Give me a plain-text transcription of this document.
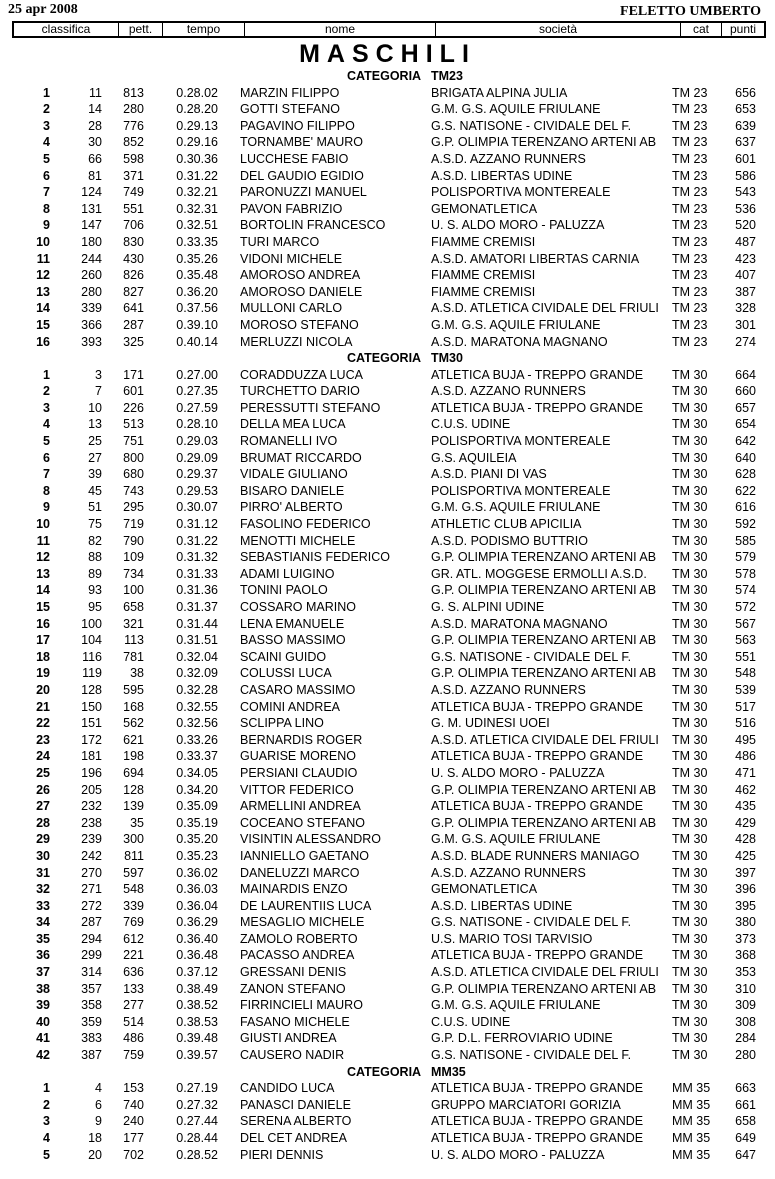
25 apr 2008	FELETTO UMBERTO
classifica	pett.	tempo	nome	società	cat	punti
MASCHILI
CATEGORIA TM23
1	11	813	0.28.02 MARZIN FILIPPO	BRIGATA ALPINA JULIA	TM 23	656
2	14	280	0.28.20 GOTTI STEFANO	G.M. G.S. AQUILE FRIULANE	TM 23	653
3	28	776	0.29.13 PAGAVINO FILIPPO	G.S. NATISONE - CIVIDALE DEL F.	TM 23	639
4	30	852	0.29.16 TORNAMBE' MAURO	G.P. OLIMPIA TERENZANO ARTENI AB TM 23	637
5	66	598	0.30.36 LUCCHESE FABIO	A.S.D. AZZANO RUNNERS	TM 23	601
6	81	371	0.31.22 DEL GAUDIO EGIDIO	A.S.D. LIBERTAS UDINE	TM 23	586
7	124	749	0.32.21 PARONUZZI MANUEL	POLISPORTIVA MONTEREALE	TM 23	543
8	131	551	0.32.31 PAVON FABRIZIO	GEMONATLETICA	TM 23	536
9	147	706	0.32.51 BORTOLIN FRANCESCO	U. S. ALDO MORO - PALUZZA	TM 23	520
10	180	830	0.33.35 TURI MARCO	FIAMME CREMISI	TM 23	487
11	244	430	0.35.26 VIDONI MICHELE	A.S.D. AMATORI LIBERTAS CARNIA	TM 23	423
12	260	826	0.35.48 AMOROSO ANDREA	FIAMME CREMISI	TM 23	407
13	280	827	0.36.20 AMOROSO DANIELE	FIAMME CREMISI	TM 23	387
14	339	641	0.37.56 MULLONI CARLO	A.S.D. ATLETICA CIVIDALE DEL FRIULI TM 23	328
15	366	287	0.39.10 MOROSO STEFANO	G.M. G.S. AQUILE FRIULANE	TM 23	301
16	393	325	0.40.14 MERLUZZI NICOLA	A.S.D. MARATONA MAGNANO	TM 23	274
CATEGORIA TM30
1	3	171	0.27.00 CORADDUZZA LUCA	ATLETICA BUJA - TREPPO GRANDE TM 30	664
2	7	601	0.27.35 TURCHETTO DARIO	A.S.D. AZZANO RUNNERS	TM 30	660
3	10	226	0.27.59 PERESSUTTI STEFANO	ATLETICA BUJA - TREPPO GRANDE TM 30	657
4	13	513	0.28.10 DELLA MEA LUCA	C.U.S. UDINE	TM 30	654
5	25	751	0.29.03 ROMANELLI IVO	POLISPORTIVA MONTEREALE	TM 30	642
6	27	800	0.29.09 BRUMAT RICCARDO	G.S. AQUILEIA	TM 30	640
7	39	680	0.29.37 VIDALE GIULIANO	A.S.D. PIANI DI VAS	TM 30	628
8	45	743	0.29.53 BISARO DANIELE	POLISPORTIVA MONTEREALE	TM 30	622
9	51	295	0.30.07 PIRRO' ALBERTO	G.M. G.S. AQUILE FRIULANE	TM 30	616
10	75	719	0.31.12 FASOLINO FEDERICO	ATHLETIC CLUB APICILIA	TM 30	592
11	82	790	0.31.22 MENOTTI MICHELE	A.S.D. PODISMO BUTTRIO	TM 30	585
12	88	109	0.31.32 SEBASTIANIS FEDERICO	G.P. OLIMPIA TERENZANO ARTENI AB TM 30	579
13	89	734	0.31.33 ADAMI LUIGINO	GR. ATL. MOGGESE ERMOLLI A.S.D. TM 30	578
14	93	100	0.31.36 TONINI PAOLO	G.P. OLIMPIA TERENZANO ARTENI AB TM 30	574
15	95	658	0.31.37 COSSARO MARINO	G. S. ALPINI UDINE	TM 30	572
16	100	321	0.31.44 LENA EMANUELE	A.S.D. MARATONA MAGNANO	TM 30	567
17	104	113	0.31.51 BASSO MASSIMO	G.P. OLIMPIA TERENZANO ARTENI AB TM 30	563
18	116	781	0.32.04 SCAINI GUIDO	G.S. NATISONE - CIVIDALE DEL F.	TM 30	551
19	119	38	0.32.09 COLUSSI LUCA	G.P. OLIMPIA TERENZANO ARTENI AB TM 30	548
20	128	595	0.32.28 CASARO MASSIMO	A.S.D. AZZANO RUNNERS	TM 30	539
21	150	168	0.32.55 COMINI ANDREA	ATLETICA BUJA - TREPPO GRANDE TM 30	517
22	151	562	0.32.56 SCLIPPA LINO	G. M. UDINESI UOEI	TM 30	516
23	172	621	0.33.26 BERNARDIS ROGER	A.S.D. ATLETICA CIVIDALE DEL FRIULI TM 30	495
24	181	198	0.33.37 GUARISE MORENO	ATLETICA BUJA - TREPPO GRANDE TM 30	486
25	196	694	0.34.05 PERSIANI CLAUDIO	U. S. ALDO MORO - PALUZZA	TM 30	471
26	205	128	0.34.20 VITTOR FEDERICO	G.P. OLIMPIA TERENZANO ARTENI AB TM 30	462
27	232	139	0.35.09 ARMELLINI ANDREA	ATLETICA BUJA - TREPPO GRANDE TM 30	435
28	238	35	0.35.19 COCEANO STEFANO	G.P. OLIMPIA TERENZANO ARTENI AB TM 30	429
29	239	300	0.35.20 VISINTIN ALESSANDRO	G.M. G.S. AQUILE FRIULANE	TM 30	428
30	242	811	0.35.23 IANNIELLO GAETANO	A.S.D. BLADE RUNNERS MANIAGO	TM 30	425
31	270	597	0.36.02 DANELUZZI MARCO	A.S.D. AZZANO RUNNERS	TM 30	397
32	271	548	0.36.03 MAINARDIS ENZO	GEMONATLETICA	TM 30	396
33	272	339	0.36.04 DE LAURENTIIS LUCA	A.S.D. LIBERTAS UDINE	TM 30	395
34	287	769	0.36.29 MESAGLIO MICHELE	G.S. NATISONE - CIVIDALE DEL F.	TM 30	380
35	294	612	0.36.40 ZAMOLO ROBERTO	U.S. MARIO TOSI TARVISIO	TM 30	373
36	299	221	0.36.48 PACASSO ANDREA	ATLETICA BUJA - TREPPO GRANDE TM 30	368
37	314	636	0.37.12 GRESSANI DENIS	A.S.D. ATLETICA CIVIDALE DEL FRIULI TM 30	353
38	357	133	0.38.49 ZANON STEFANO	G.P. OLIMPIA TERENZANO ARTENI AB TM 30	310
39	358	277	0.38.52 FIRRINCIELI MAURO	G.M. G.S. AQUILE FRIULANE	TM 30	309
40	359	514	0.38.53 FASANO MICHELE	C.U.S. UDINE	TM 30	308
41	383	486	0.39.48 GIUSTI ANDREA	G.P. D.L. FERROVIARIO UDINE	TM 30	284
42	387	759	0.39.57 CAUSERO NADIR	G.S. NATISONE - CIVIDALE DEL F.	TM 30	280
CATEGORIA MM35
1	4	153	0.27.19 CANDIDO LUCA	ATLETICA BUJA - TREPPO GRANDE MM 35	663
2	6	740	0.27.32 PANASCI DANIELE	GRUPPO MARCIATORI GORIZIA	MM 35	661
3	9	240	0.27.44 SERENA ALBERTO	ATLETICA BUJA - TREPPO GRANDE MM 35	658
4	18	177	0.28.44 DEL CET ANDREA	ATLETICA BUJA - TREPPO GRANDE MM 35	649
5	20	702	0.28.52 PIERI DENNIS	U. S. ALDO MORO - PALUZZA	MM 35	647
